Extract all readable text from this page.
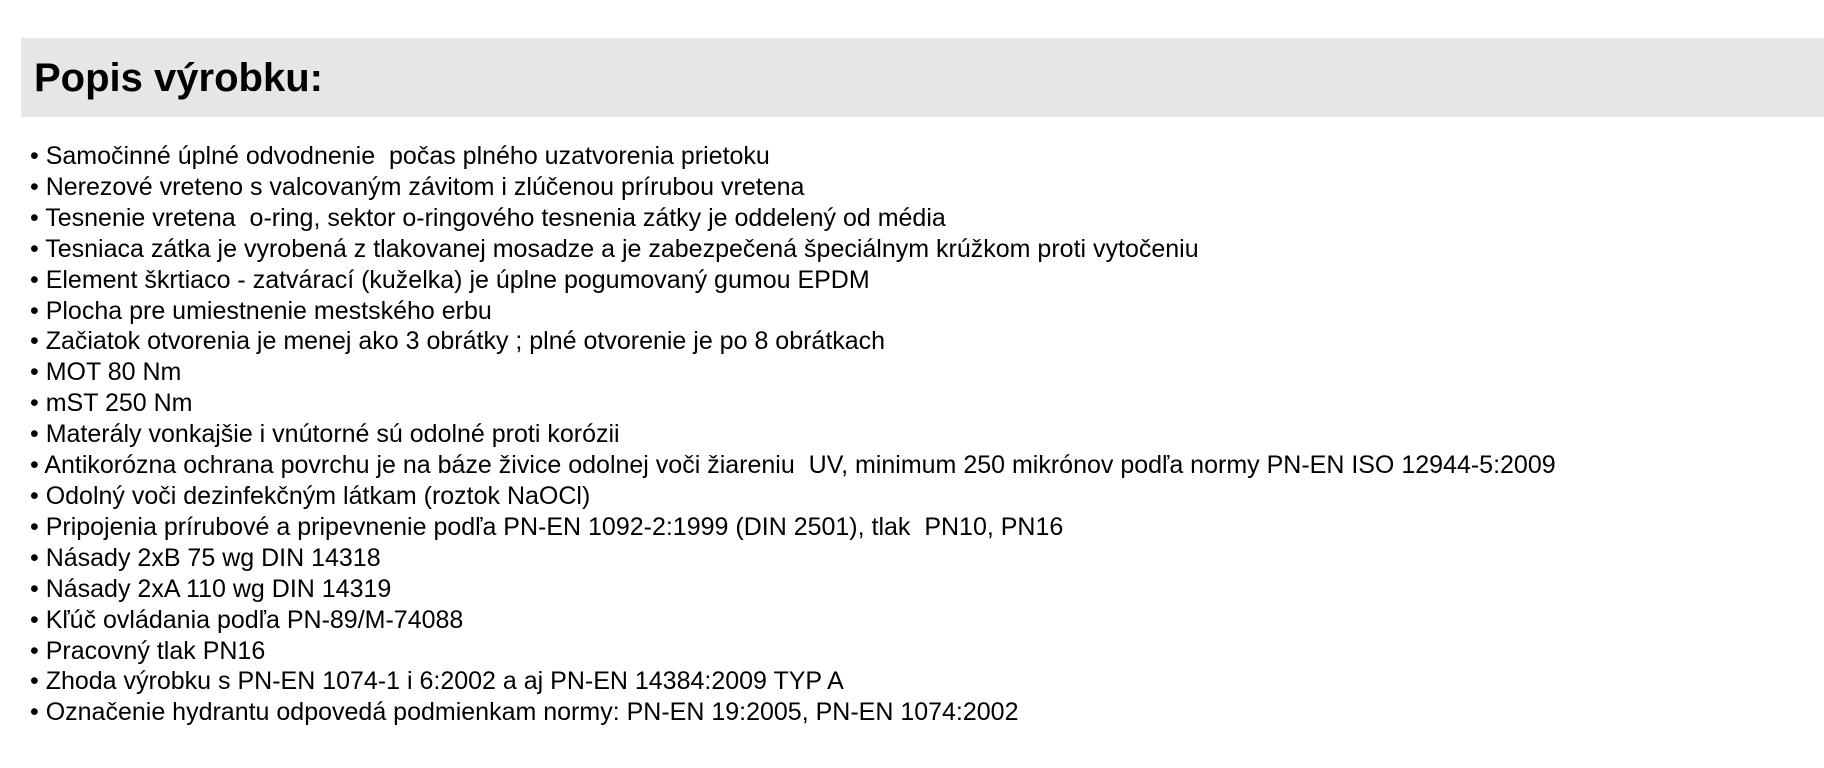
Popis výrobku:
• Samočinné úplné odvodnenie  počas plného uzatvorenia prietoku
• Nerezové vreteno s valcovaným závitom i zlúčenou prírubou vretena
• Tesnenie vretena  o-ring, sektor o-ringového tesnenia zátky je oddelený od média
• Tesniaca zátka je vyrobená z tlakovanej mosadze a je zabezpečená špeciálnym krúžkom proti vytočeniu
• Element škrtiaco - zatvárací (kuželka) je úplne pogumovaný gumou EPDM
• Plocha pre umiestnenie mestského erbu
• Začiatok otvorenia je menej ako 3 obrátky ; plné otvorenie je po 8 obrátkach
• MOT 80 Nm
• mST 250 Nm
• Materály vonkajšie i vnútorné sú odolné proti korózii
• Antikorózna ochrana povrchu je na báze živice odolnej voči žiareniu  UV, minimum 250 mikrónov podľa normy PN-EN ISO 12944-5:2009
• Odolný voči dezinfekčným látkam (roztok NaOCl)
• Pripojenia prírubové a pripevnenie podľa PN-EN 1092-2:1999 (DIN 2501), tlak  PN10, PN16
• Násady 2xB 75 wg DIN 14318
• Násady 2xA 110 wg DIN 14319
• Kľúč ovládania podľa PN-89/M-74088
• Pracovný tlak PN16
• Zhoda výrobku s PN-EN 1074-1 i 6:2002 a aj PN-EN 14384:2009 TYP A
• Označenie hydrantu odpovedá podmienkam normy: PN-EN 19:2005, PN-EN 1074:2002
